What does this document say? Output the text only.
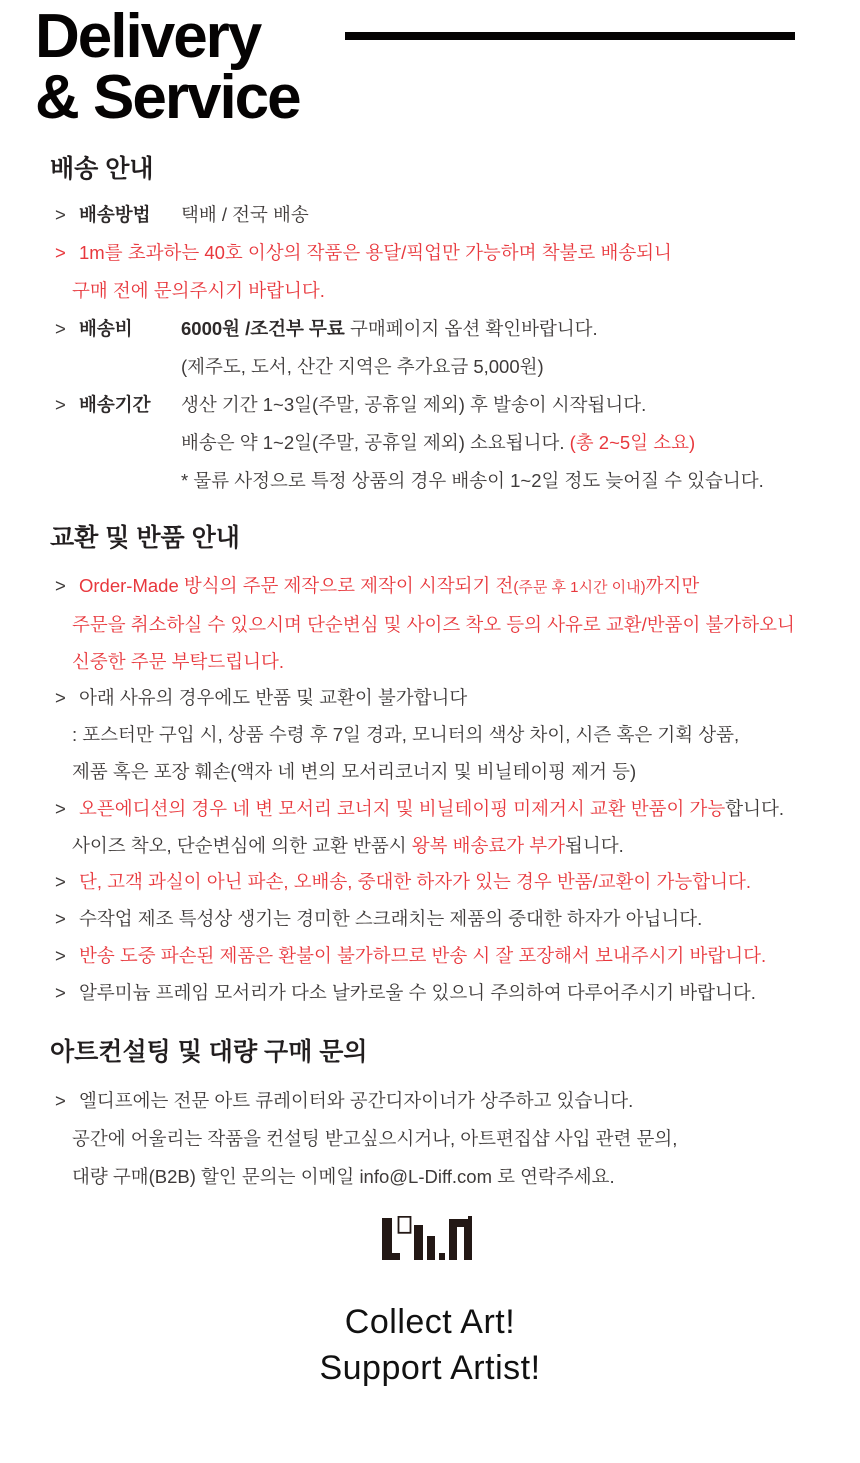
Delivery
& Service
배송 안내
> 배송방법 택배 / 전국 배송
> 1m를 초과하는 40호 이상의 작품은 용달/픽업만 가능하며 착불로 배송되니
구매 전에 문의주시기 바랍니다.
> 배송비	6000원 /조건부 무료 구매페이지 옵션 확인바랍니다.
(제주도, 도서, 산간 지역은 추가요금 5,000원)
> 배송기간 생산 기간 1~3일(주말, 공휴일 제외) 후 발송이 시작됩니다.
배송은 약 1~2일(주말, 공휴일 제외) 소요됩니다. (총 2~5일 소요)
* 물류 사정으로 특정 상품의 경우 배송이 1~2일 정도 늦어질 수 있습니다.
교환 및 반품 안내
> Order-Made 방식의 주문 제작으로 제작이 시작되기 전(주문 후 1시간 이내)까지만
주문을 취소하실 수 있으시며 단순변심 및 사이즈 착오 등의 사유로 교환/반품이 불가하오니
신중한 주문 부탁드립니다.
> 아래 사유의 경우에도 반품 및 교환이 불가합니다
: 포스터만 구입 시, 상품 수령 후 7일 경과, 모니터의 색상 차이, 시즌 혹은 기획 상품,
제품 혹은 포장 훼손(액자 네 변의 모서리코너지 및 비닐테이핑 제거 등)
> 오픈에디션의 경우 네 변 모서리 코너지 및 비닐테이핑 미제거시 교환 반품이 가능합니다.
사이즈 착오, 단순변심에 의한 교환 반품시 왕복 배송료가 부가됩니다.
> 단, 고객 과실이 아닌 파손, 오배송, 중대한 하자가 있는 경우 반품/교환이 가능합니다.
> 수작업 제조 특성상 생기는 경미한 스크래치는 제품의 중대한 하자가 아닙니다.
> 반송 도중 파손된 제품은 환불이 불가하므로 반송 시 잘 포장해서 보내주시기 바랍니다.
> 알루미늄 프레임 모서리가 다소 날카로울 수 있으니 주의하여 다루어주시기 바랍니다.
아트컨설팅 및 대량 구매 문의
> 엘디프에는 전문 아트 큐레이터와 공간디자이너가 상주하고 있습니다.
공간에 어울리는 작품을 컨설팅 받고싶으시거나, 아트편집샵 사입 관련 문의,
대량 구매(B2B) 할인 문의는 이메일 info@L-Diff.com 로 연락주세요.
Collect Art!
Support Artist!
